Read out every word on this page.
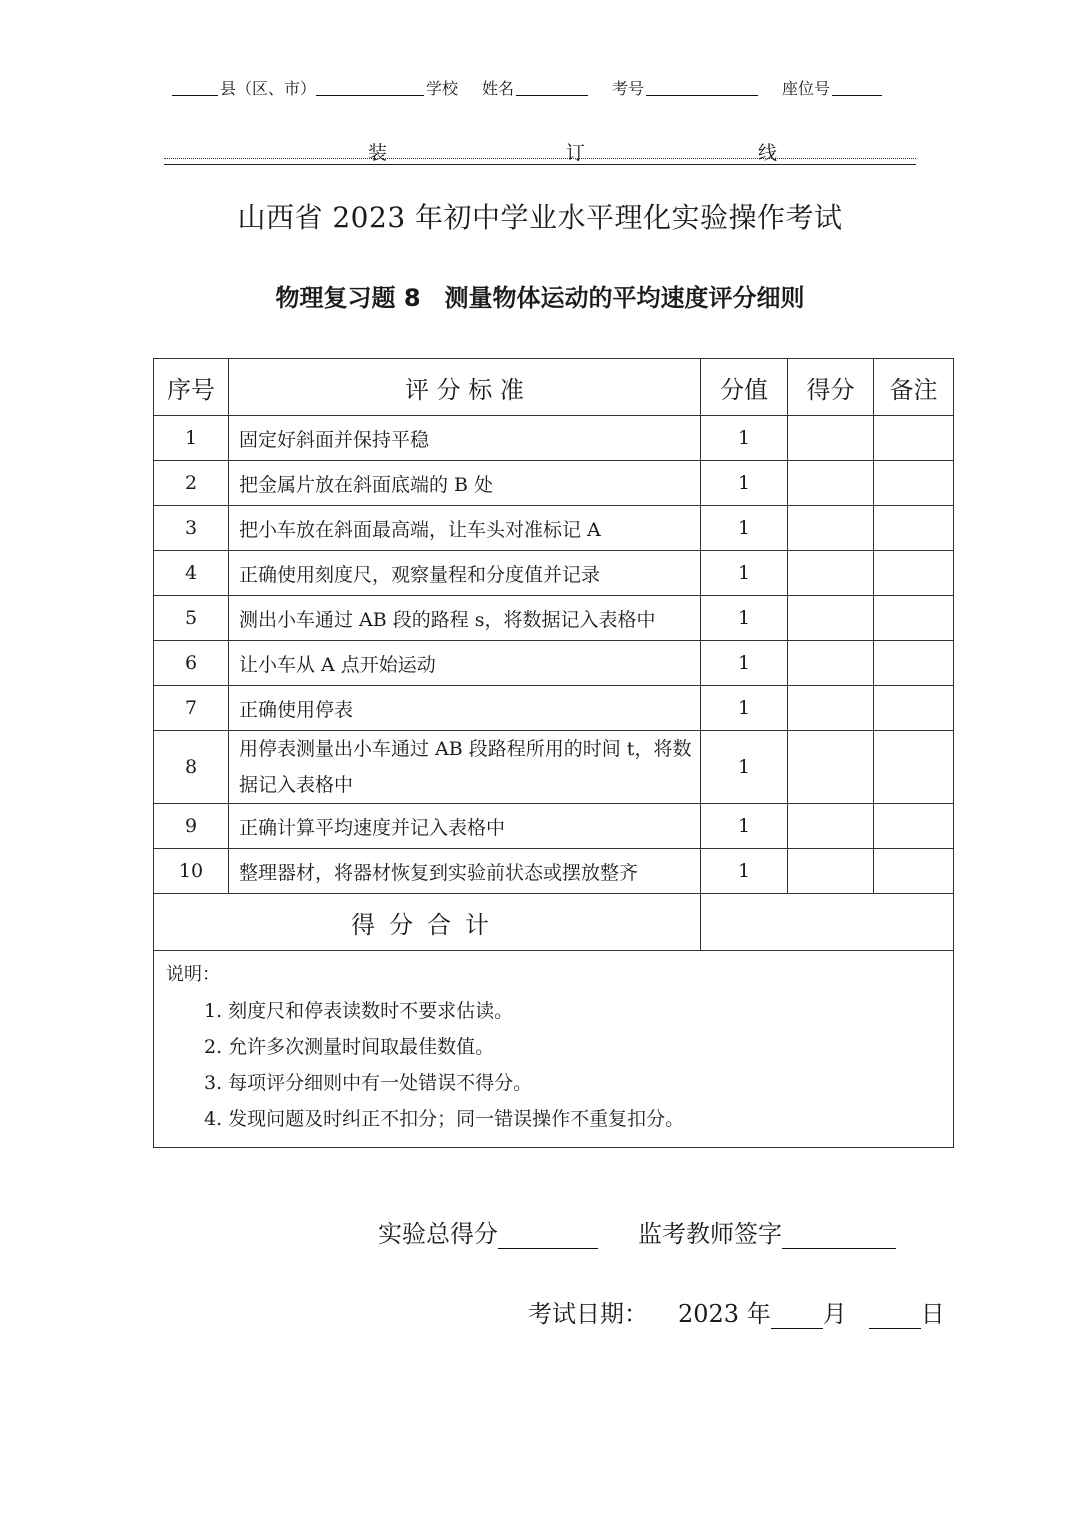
县（区、市）	学校 姓名	考号	座位号
装	订	线
山西省 2023 年初中学业水平理化实验操作考试
物理复习题 8　测量物体运动的平均速度评分细则
序号	评 分 标 准	分值	得分	备注
1	固定好斜面并保持平稳	1		
2	把金属片放在斜面底端的 B 处	1		
3	把小车放在斜面最高端，让车头对准标记 A	1		
4	正确使用刻度尺，观察量程和分度值并记录	1		
5	测出小车通过 AB 段的路程 s，将数据记入表格中	1		
6	让小车从 A 点开始运动	1		
7	正确使用停表	1		
8	用停表测量出小车通过 AB 段路程所用的时间 t，将数据记入表格中	1		
9	正确计算平均速度并记入表格中	1		
10	整理器材，将器材恢复到实验前状态或摆放整齐	1		
得分合计				

说明：
1. 刻度尺和停表读数时不要求估读。
2. 允许多次测量时间取最佳数值。
3. 每项评分细则中有一处错误不得分。
4. 发现问题及时纠正不扣分；同一错误操作不重复扣分。				
实验总得分	监考教师签字
考试日期： 2023 年 月	日
